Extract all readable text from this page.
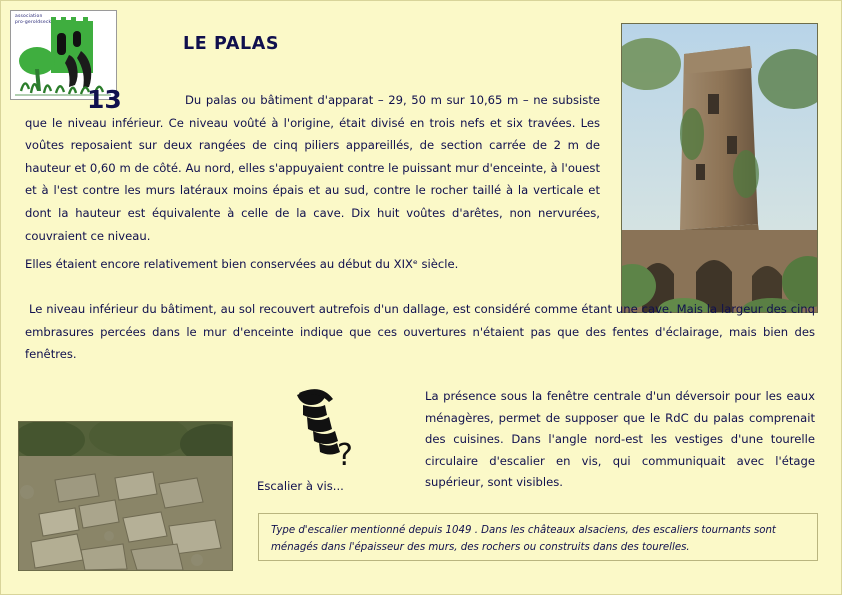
association
pro-geroldseck
13
LE PALAS
Du palas ou bâtiment d'apparat – 29, 50 m sur 10,65 m – ne subsiste que le niveau inférieur. Ce niveau voûté à l'origine, était divisé en trois nefs et six travées. Les voûtes reposaient sur deux rangées de cinq piliers appareillés, de section carrée de 2 m de hauteur et 0,60 m de côté. Au nord, elles s'appuyaient contre le puissant mur d'enceinte, à l'ouest et à l'est contre les murs latéraux moins épais et au sud, contre le rocher taillé à la verticale et dont la hauteur est équivalente à celle de la cave. Dix huit voûtes d'arêtes, non nervurées, couvraient ce niveau.
Elles étaient encore relativement bien conservées au début du XIXᵉ siècle.
Le niveau inférieur du bâtiment, au sol recouvert autrefois d'un dallage, est considéré comme étant une cave. Mais la largeur des cinq embrasures percées dans le mur d'enceinte indique que ces ouvertures n'étaient pas que des fentes d'éclairage, mais bien des fenêtres.
La présence sous la fenêtre centrale d'un déversoir pour les eaux ménagères, permet de supposer que le RdC du palas comprenait des cuisines. Dans l'angle nord-est les vestiges d'une tourelle circulaire d'escalier en vis, qui communiquait avec l'étage supérieur, sont visibles.
?
Escalier à vis...
Type d'escalier mentionné depuis 1049 . Dans les châteaux alsaciens, des escaliers tournants sont ménagés dans l'épaisseur des murs, des rochers ou construits dans des tourelles.
